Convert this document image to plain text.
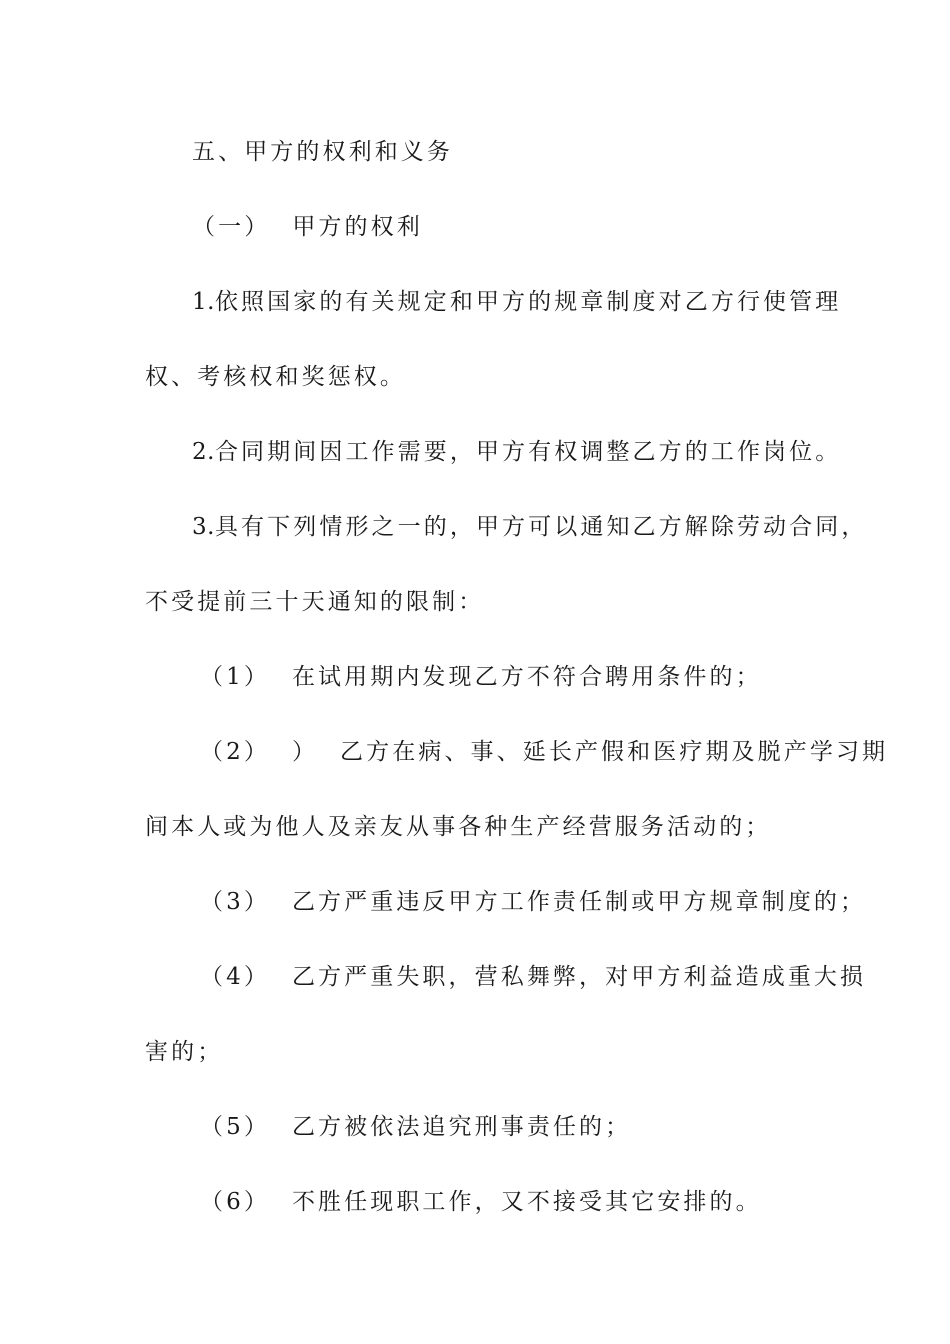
五、甲方的权利和义务
（一） 甲方的权利
1.依照国家的有关规定和甲方的规章制度对乙方行使管理
权、考核权和奖惩权。
2.合同期间因工作需要，甲方有权调整乙方的工作岗位。
3.具有下列情形之一的，甲方可以通知乙方解除劳动合同，
不受提前三十天通知的限制：
（1） 在试用期内发现乙方不符合聘用条件的；
（2） ） 乙方在病、事、延长产假和医疗期及脱产学习期
间本人或为他人及亲友从事各种生产经营服务活动的；
（3） 乙方严重违反甲方工作责任制或甲方规章制度的；
（4） 乙方严重失职，营私舞弊，对甲方利益造成重大损
害的；
（5） 乙方被依法追究刑事责任的；
（6） 不胜任现职工作，又不接受其它安排的。
